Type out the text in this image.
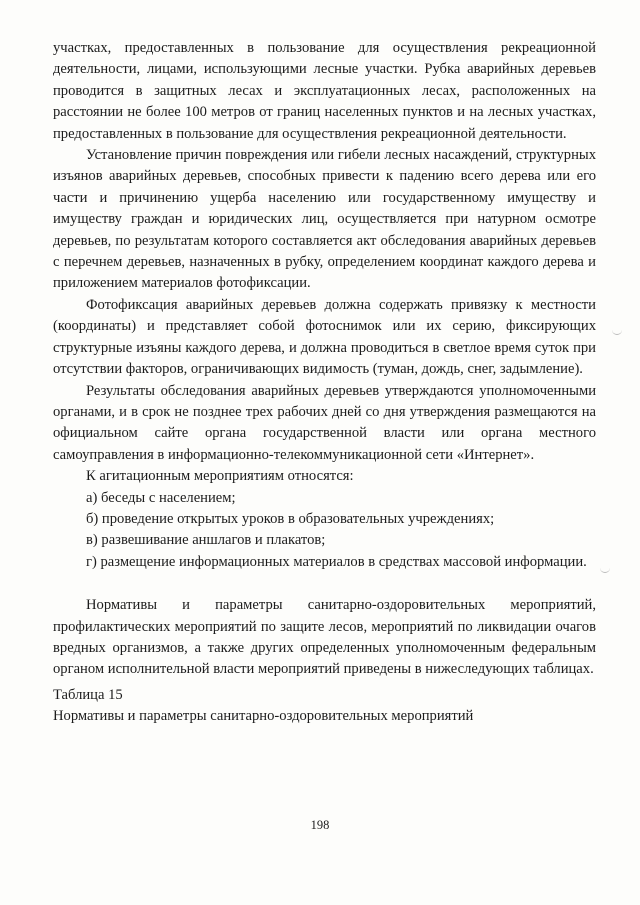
участках, предоставленных в пользование для осуществления рекреационной деятельности, лицами, использующими лесные участки. Рубка аварийных деревьев проводится в защитных лесах и эксплуатационных лесах, расположенных на расстоянии не более 100 метров от границ населенных пунктов и на лесных участках, предоставленных в пользование для осуществления рекреационной деятельности.

Установление причин повреждения или гибели лесных насаждений, структурных изъянов аварийных деревьев, способных привести к падению всего дерева или его части и причинению ущерба населению или государственному имуществу и имуществу граждан и юридических лиц, осуществляется при натурном осмотре деревьев, по результатам которого составляется акт обследования аварийных деревьев с перечнем деревьев, назначенных в рубку, определением координат каждого дерева и приложением материалов фотофиксации.

Фотофиксация аварийных деревьев должна содержать привязку к местности (координаты) и представляет собой фотоснимок или их серию, фиксирующих структурные изъяны каждого дерева, и должна проводиться в светлое время суток при отсутствии факторов, ограничивающих видимость (туман, дождь, снег, задымление).

Результаты обследования аварийных деревьев утверждаются уполномоченными органами, и в срок не позднее трех рабочих дней со дня утверждения размещаются на официальном сайте органа государственной власти или органа местного самоуправления в информационно-телекоммуникационной сети «Интернет».

К агитационным мероприятиям относятся:

а) беседы с населением;

б) проведение открытых уроков в образовательных учреждениях;

в) развешивание аншлагов и плакатов;

г) размещение информационных материалов в средствах массовой информации.

Нормативы и параметры санитарно-оздоровительных мероприятий, профилактических мероприятий по защите лесов, мероприятий по ликвидации очагов вредных организмов, а также других определенных уполномоченным федеральным органом исполнительной власти мероприятий приведены в нижеследующих таблицах.

Таблица 15

Нормативы и параметры санитарно-оздоровительных мероприятий

198
